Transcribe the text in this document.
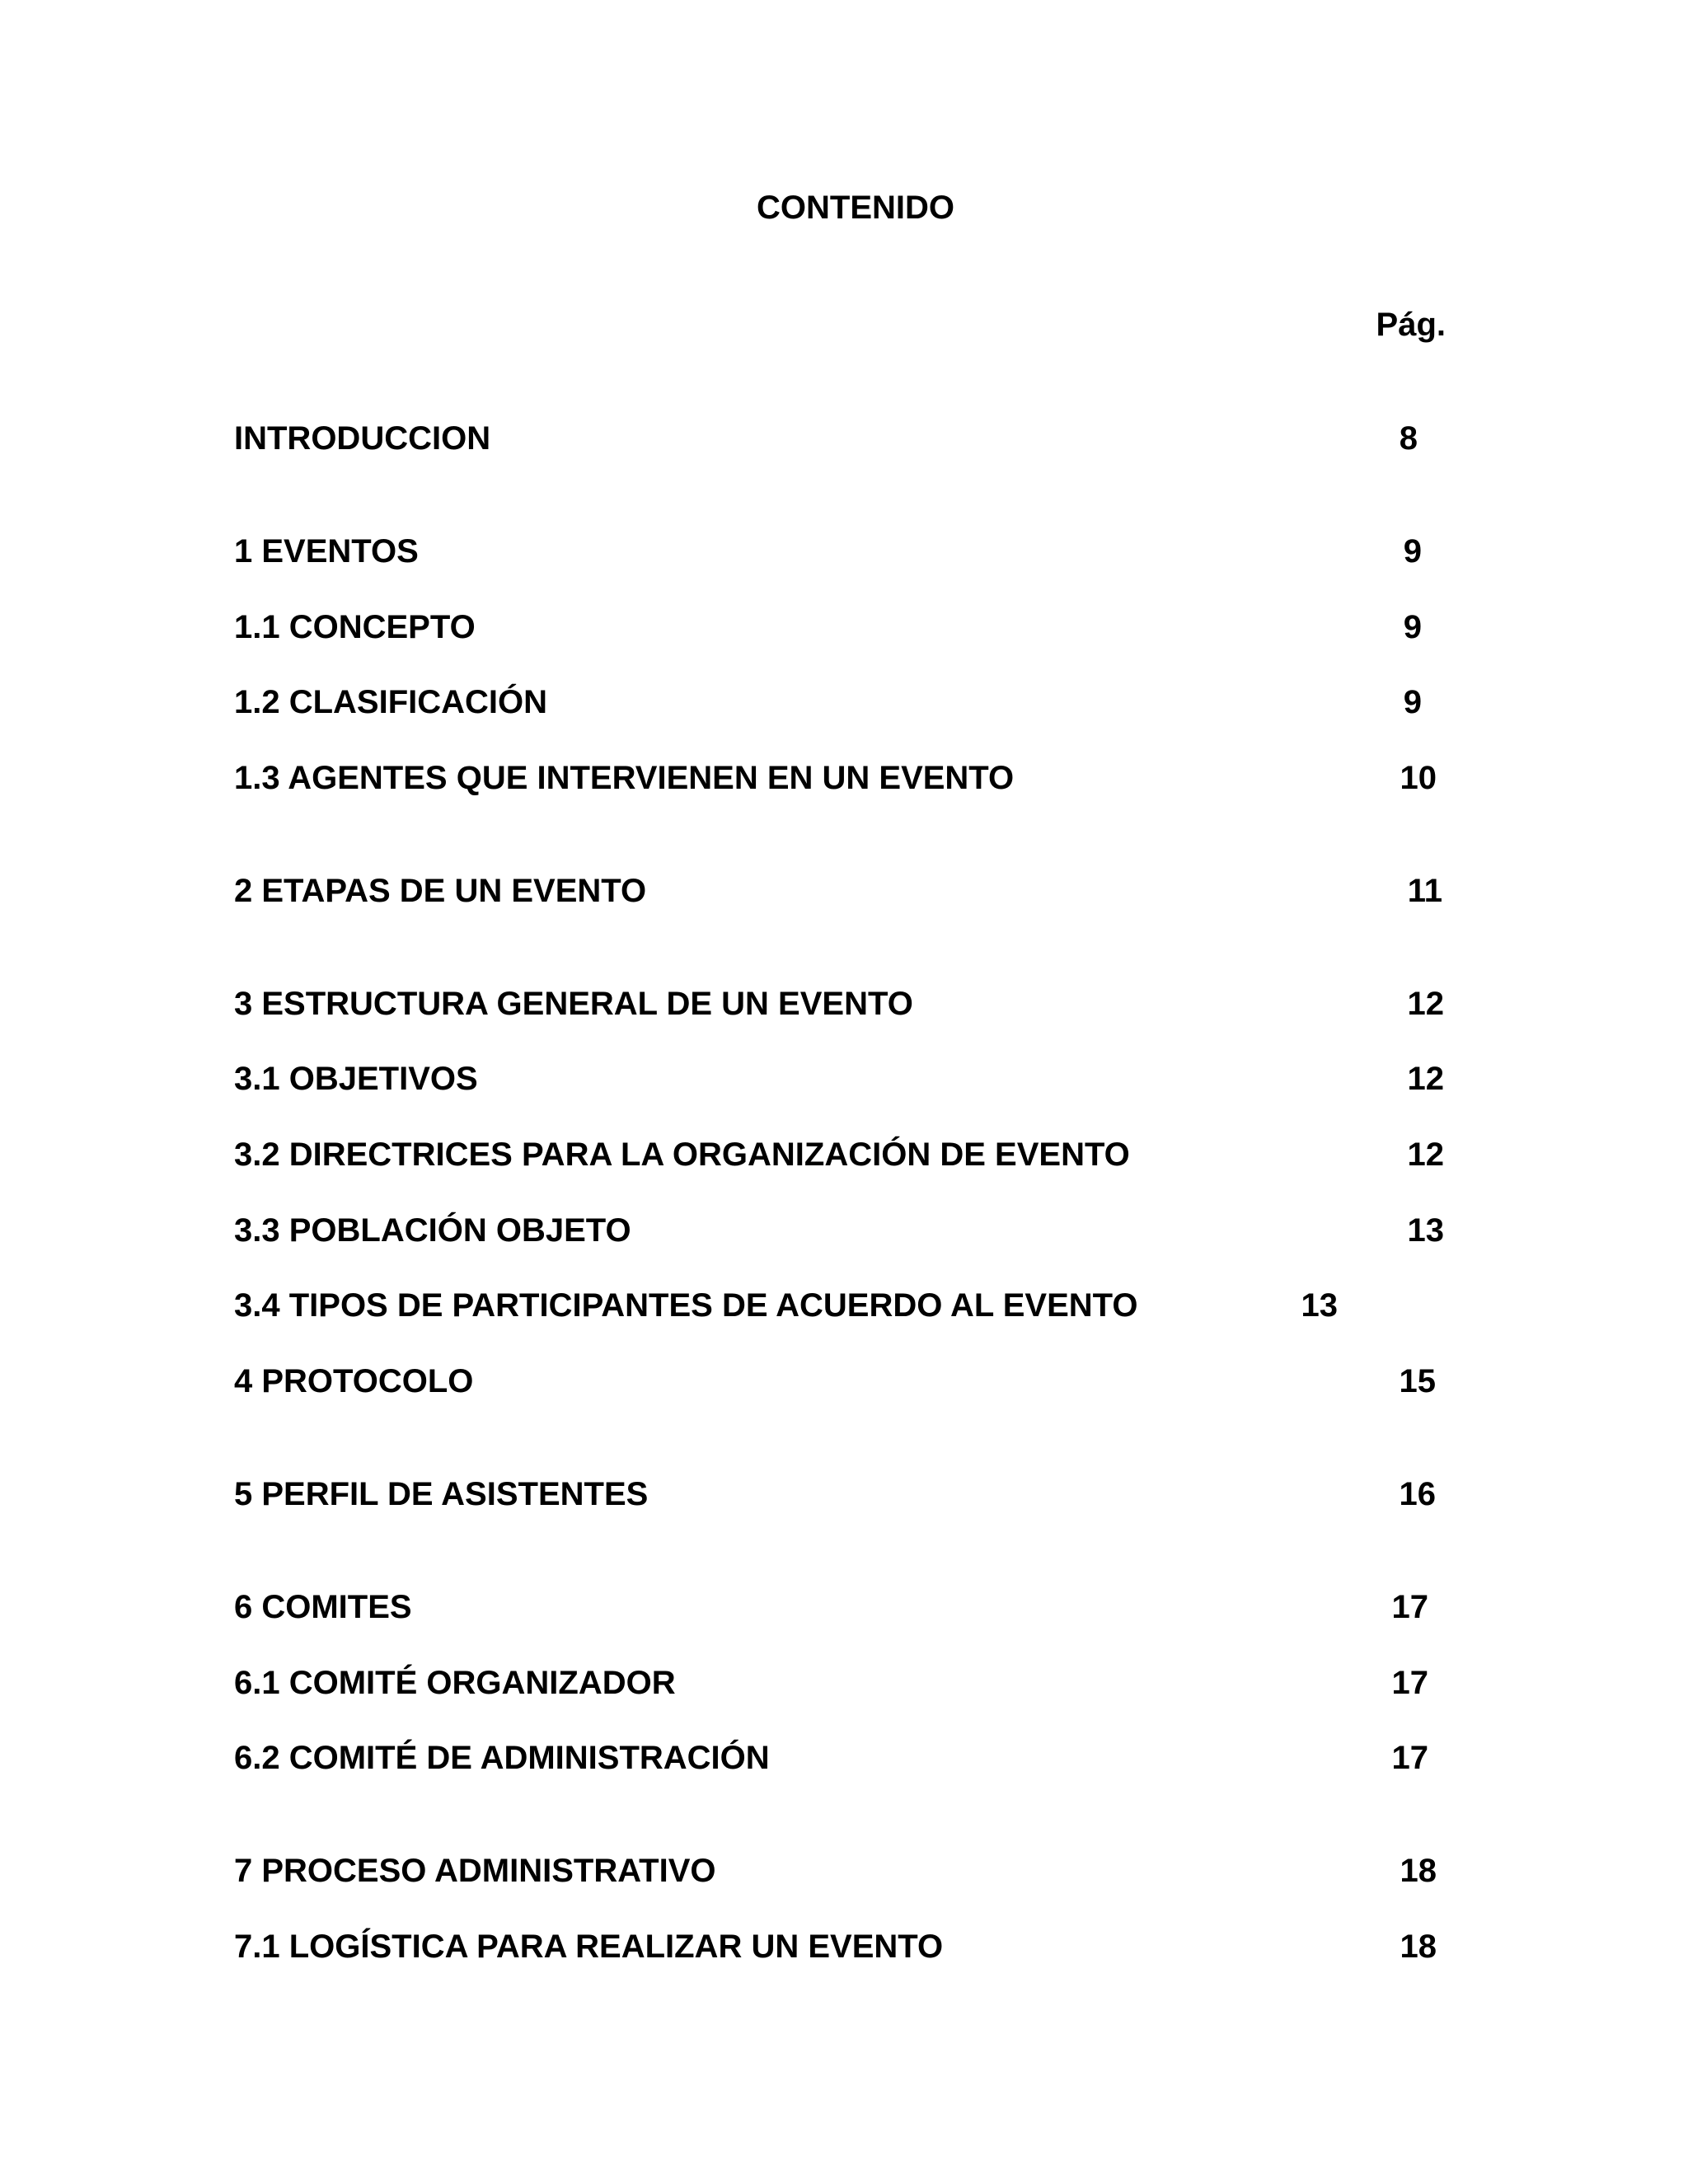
CONTENIDO
Pág.
INTRODUCCION	8
1 EVENTOS	9
1.1 CONCEPTO	9
1.2 CLASIFICACIÓN	9
1.3 AGENTES QUE INTERVIENEN EN UN EVENTO	10
2 ETAPAS DE UN EVENTO	11
3 ESTRUCTURA GENERAL DE UN EVENTO	12
3.1 OBJETIVOS	12
3.2 DIRECTRICES PARA LA ORGANIZACIÓN DE EVENTO	12
3.3 POBLACIÓN OBJETO	13
3.4 TIPOS DE PARTICIPANTES DE ACUERDO AL EVENTO	13
4 PROTOCOLO	15
5 PERFIL DE ASISTENTES	16
6 COMITES	17
6.1 COMITÉ ORGANIZADOR	17
6.2 COMITÉ DE ADMINISTRACIÓN	17
7 PROCESO ADMINISTRATIVO	18
7.1 LOGÍSTICA PARA REALIZAR UN EVENTO	18
